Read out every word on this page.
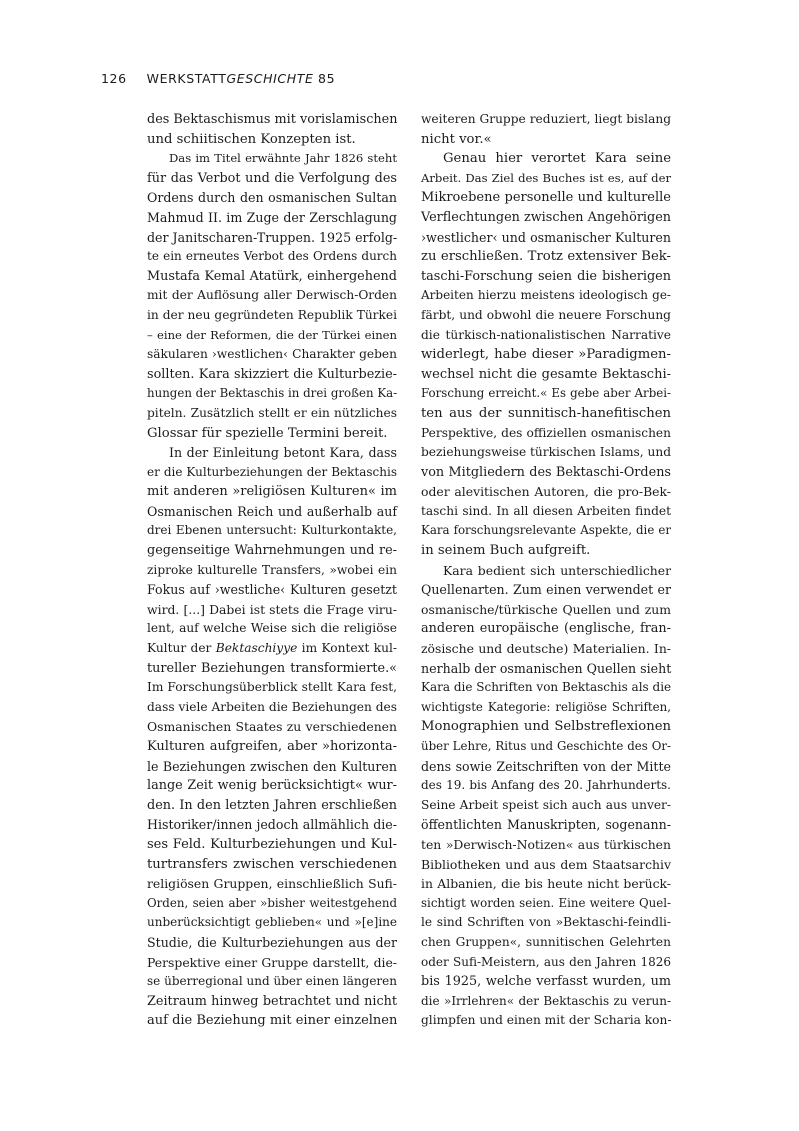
126 WERKSTATTGESCHICHTE 85
des Bektaschismus mit vorislamischen
und schiitischen Konzepten ist.
Das im Titel erwähnte Jahr 1826 steht
für das Verbot und die Verfolgung des
Ordens durch den osmanischen Sultan
Mahmud II. im Zuge der Zerschlagung
der Janitscharen-Truppen. 1925 erfolg-
te ein erneutes Verbot des Ordens durch
Mustafa Kemal Atatürk, einhergehend
mit der Auflösung aller Derwisch-Orden
in der neu gegründeten Republik Türkei
– eine der Reformen, die der Türkei einen
säkularen ›westlichen‹ Charakter geben
sollten. Kara skizziert die Kulturbezie-
hungen der Bektaschis in drei großen Ka-
piteln. Zusätzlich stellt er ein nützliches
Glossar für spezielle Termini bereit.
In der Einleitung betont Kara, dass
er die Kulturbeziehungen der Bektaschis
mit anderen »religiösen Kulturen« im
Osmanischen Reich und außerhalb auf
drei Ebenen untersucht: Kulturkontakte,
gegenseitige Wahrnehmungen und re-
ziproke kulturelle Transfers, »wobei ein
Fokus auf ›westliche‹ Kulturen gesetzt
wird. [...] Dabei ist stets die Frage viru-
lent, auf welche Weise sich die religiöse
Kultur der Bektaschiyye im Kontext kul-
tureller Beziehungen transformierte.«
Im Forschungsüberblick stellt Kara fest,
dass viele Arbeiten die Beziehungen des
Osmanischen Staates zu verschiedenen
Kulturen aufgreifen, aber »horizonta-
le Beziehungen zwischen den Kulturen
lange Zeit wenig berücksichtigt« wur-
den. In den letzten Jahren erschließen
Historiker/innen jedoch allmählich die-
ses Feld. Kulturbeziehungen und Kul-
turtransfers zwischen verschiedenen
religiösen Gruppen, einschließlich Sufi-
Orden, seien aber »bisher weitestgehend
unberücksichtigt geblieben« und »[e]ine
Studie, die Kulturbeziehungen aus der
Perspektive einer Gruppe darstellt, die-
se überregional und über einen längeren
Zeitraum hinweg betrachtet und nicht
auf die Beziehung mit einer einzelnen
weiteren Gruppe reduziert, liegt bislang
nicht vor.«
Genau hier verortet Kara seine
Arbeit. Das Ziel des Buches ist es, auf der
Mikroebene personelle und kulturelle
Verflechtungen zwischen Angehörigen
›westlicher‹ und osmanischer Kulturen
zu erschließen. Trotz extensiver Bek-
taschi-Forschung seien die bisherigen
Arbeiten hierzu meistens ideologisch ge-
färbt, und obwohl die neuere Forschung
die türkisch-nationalistischen Narrative
widerlegt, habe dieser »Paradigmen-
wechsel nicht die gesamte Bektaschi-
Forschung erreicht.« Es gebe aber Arbei-
ten aus der sunnitisch-hanefitischen
Perspektive, des offiziellen osmanischen
beziehungsweise türkischen Islams, und
von Mitgliedern des Bektaschi-Ordens
oder alevitischen Autoren, die pro-Bek-
taschi sind. In all diesen Arbeiten findet
Kara forschungsrelevante Aspekte, die er
in seinem Buch aufgreift.
Kara bedient sich unterschiedlicher
Quellenarten. Zum einen verwendet er
osmanische/türkische Quellen und zum
anderen europäische (englische, fran-
zösische und deutsche) Materialien. In-
nerhalb der osmanischen Quellen sieht
Kara die Schriften von Bektaschis als die
wichtigste Kategorie: religiöse Schriften,
Monographien und Selbstreflexionen
über Lehre, Ritus und Geschichte des Or-
dens sowie Zeitschriften von der Mitte
des 19. bis Anfang des 20. Jahrhunderts.
Seine Arbeit speist sich auch aus unver-
öffentlichten Manuskripten, sogenann-
ten »Derwisch-Notizen« aus türkischen
Bibliotheken und aus dem Staatsarchiv
in Albanien, die bis heute nicht berück-
sichtigt worden seien. Eine weitere Quel-
le sind Schriften von »Bektaschi-feindli-
chen Gruppen«, sunnitischen Gelehrten
oder Sufi-Meistern, aus den Jahren 1826
bis 1925, welche verfasst wurden, um
die »Irrlehren« der Bektaschis zu verun-
glimpfen und einen mit der Scharia kon-
